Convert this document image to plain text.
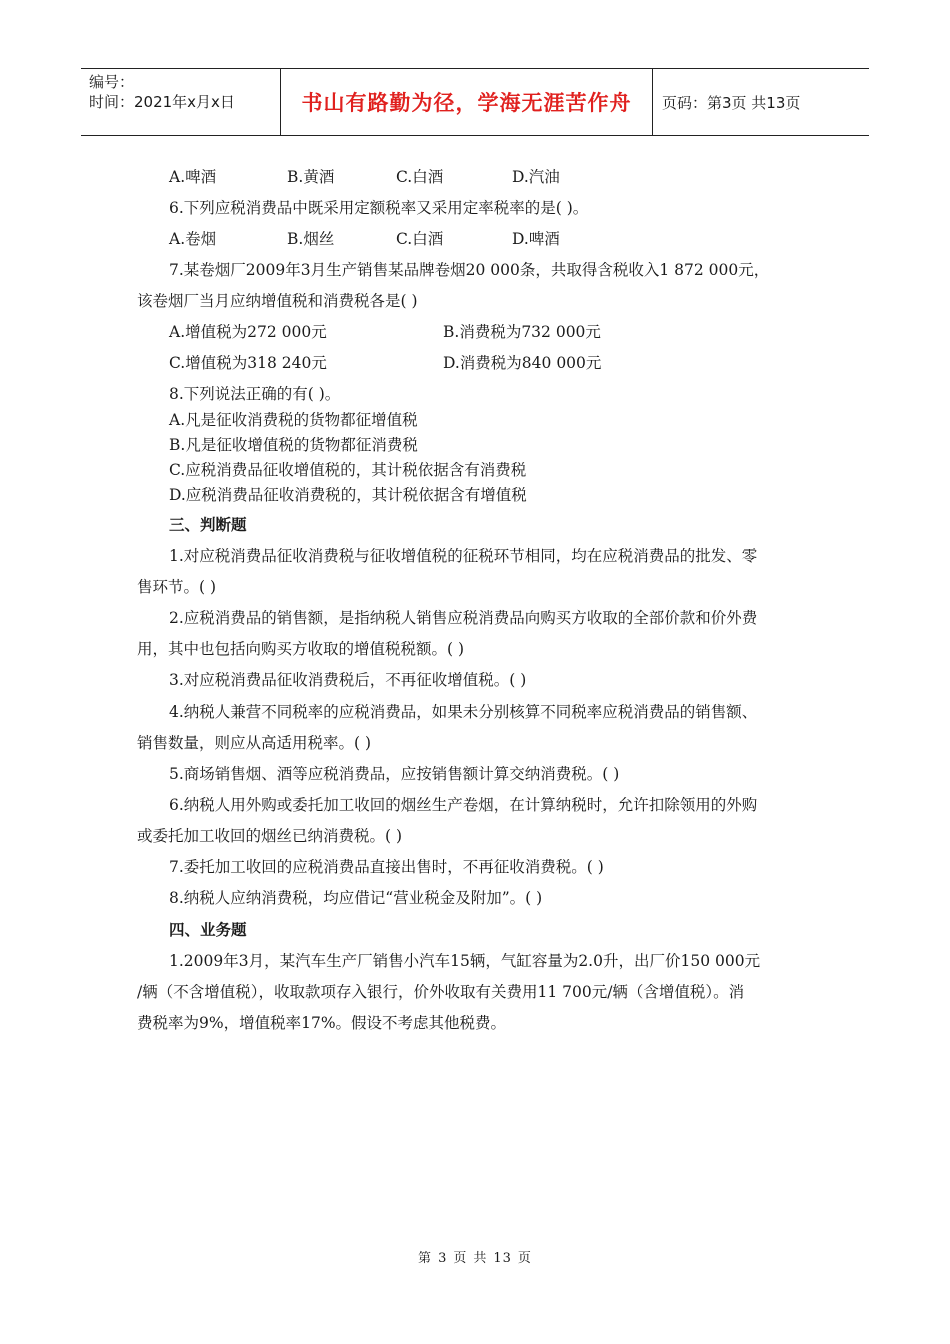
编号：
时间：2021年x月x日	书山有路勤为径，学海无涯苦作舟	页码：第3页 共13页
A.啤酒	B.黄酒	C.白酒	D.汽油
6.下列应税消费品中既采用定额税率又采用定率税率的是( )。
A.卷烟	B.烟丝	C.白酒	D.啤酒
7.某卷烟厂2009年3月生产销售某品牌卷烟20 000条，共取得含税收入1 872 000元，
该卷烟厂当月应纳增值税和消费税各是( )
A.增值税为272 000元	B.消费税为732 000元
C.增值税为318 240元	D.消费税为840 000元
8.下列说法正确的有( )。
A.凡是征收消费税的货物都征增值税
B.凡是征收增值税的货物都征消费税
C.应税消费品征收增值税的，其计税依据含有消费税
D.应税消费品征收消费税的，其计税依据含有增值税
三、判断题
1.对应税消费品征收消费税与征收增值税的征税环节相同，均在应税消费品的批发、零
售环节。( )
2.应税消费品的销售额，是指纳税人销售应税消费品向购买方收取的全部价款和价外费
用，其中也包括向购买方收取的增值税税额。( )
3.对应税消费品征收消费税后，不再征收增值税。( )
4.纳税人兼营不同税率的应税消费品，如果未分别核算不同税率应税消费品的销售额、
销售数量，则应从高适用税率。( )
5.商场销售烟、酒等应税消费品，应按销售额计算交纳消费税。( )
6.纳税人用外购或委托加工收回的烟丝生产卷烟，在计算纳税时，允许扣除领用的外购
或委托加工收回的烟丝已纳消费税。( )
7.委托加工收回的应税消费品直接出售时，不再征收消费税。( )
8.纳税人应纳消费税，均应借记“营业税金及附加”。( )
四、业务题
1.2009年3月，某汽车生产厂销售小汽车15辆，气缸容量为2.0升，出厂价150 000元
/辆（不含增值税），收取款项存入银行，价外收取有关费用11 700元/辆（含增值税）。消
费税率为9%，增值税率17%。假设不考虑其他税费。
第 3 页 共 13 页
